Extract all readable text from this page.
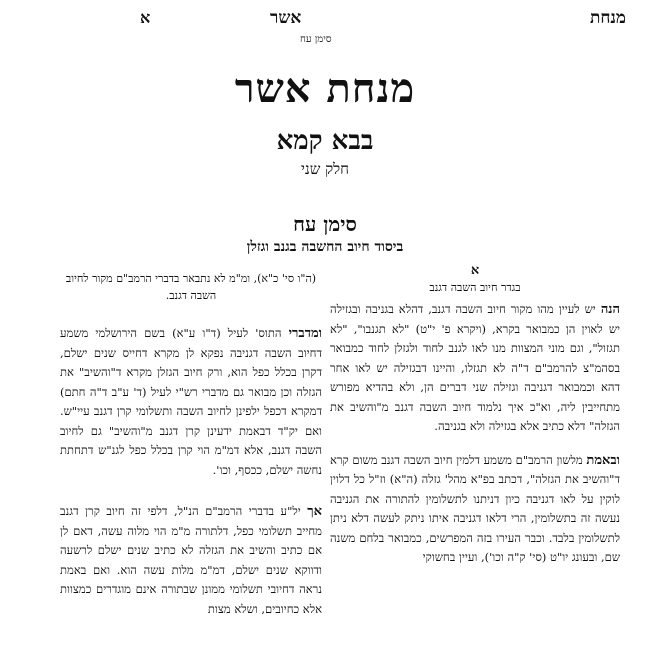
מנחת
אשר
א
סימן עח
מנחת אשר
בבא קמא
חלק שני
סימן עח
ביסוד חיוב החשבה בגנב וגזלן
א
בגדר חיוב השבה דגנב

הנה יש לעיין מהו מקור חיוב השבה דגנב, דהלא בגניבה ובגזילה יש לאוין הן כמבואר בקרא, (ויקרא פ' י"ט) "לא תגנבו", "לא תגזול", וגם מוני המצוות מנו לאו לגנב לחוד ולגזלן לחוד כמבואר בסהמ"צ להרמב"ם ד"ה לא תגזלו, והיינו דבגזילה יש לאו אחר דהא וכמבואר דגניבה וגזילה שני דברים הן, ולא בהדיא מפורש מתחייבין ליה, וא"כ איך נלמוד חיוב השבה דגנב מ"והשיב את הגזלה" דלא כתיב אלא בגזילה ולא בגניבה.

ובאמת מלשון הרמב"ם משמע דלמין חיוב השבה דגנב משום קרא ד"והשיב את הגזלה", דכתב בפ"א מהל' גזלה (ה"א) וז"ל כל דלוין לוקין על לאו דגניבה כיון דניתנו לתשלומין להתורה את הגניבה נעשה זה בתשלומין, הרי דלאו דגניבה איתו ניתק לעשה דלא ניתן לתשלומין בלבד. וכבר העירו בזה המפרשים, כמבואר בלחם משנה שם, ובעונג יו"ט (סי' ק"ה וכו'), ועיין בחשוקי

(ה"ו סי' כ"א), ומ"מ לא נתבאר בדברי הרמב"ם מקור לחיוב השבה דגנב.

ומדברי התוס' לעיל (ד"ו ע"א) בשם הירושלמי משמע דחיוב השבה דגניבה נפקא לן מקרא דחייס שנים ישלם, דקרן בכלל כפל הוא, ורק חיוב הגזלן מקרא ד"והשיב" את הגזלה וכן מבואר גם מדברי רש"י לעיל (ד' ע"ב ד"ה חתם) דמקרא דכפל ילפינן לחיוב השבה ותשלומי קרן דגנב עיי"ש. ואם יק"ד דבאמת ידעינן קרן דגנב מ"והשיב" גם לחיוב השבה דגנב, אלא דמ"מ הוי קרן בכלל כפל לגנ"ש דתחתת נחשה ישלם, ככסף, וכו'.

אך יל"ע בדברי הרמב"ם הנ"ל, דלפי זה חיוב קרן דגנב מחייב תשלומי כפל, דלתורה מ"מ הוי מלוה עשה, דאם לן אם כתיב והשיב את הגזלה לא כתיב שנים ישלם לרשעה ודווקא שנים ישלם, דמ"מ מלות עשה הוא. ואם באמת נראה דחיובי תשלומי ממונן שבתורה אינם מוגדרים כמצוות אלא כחיובים, ושלא מצות
